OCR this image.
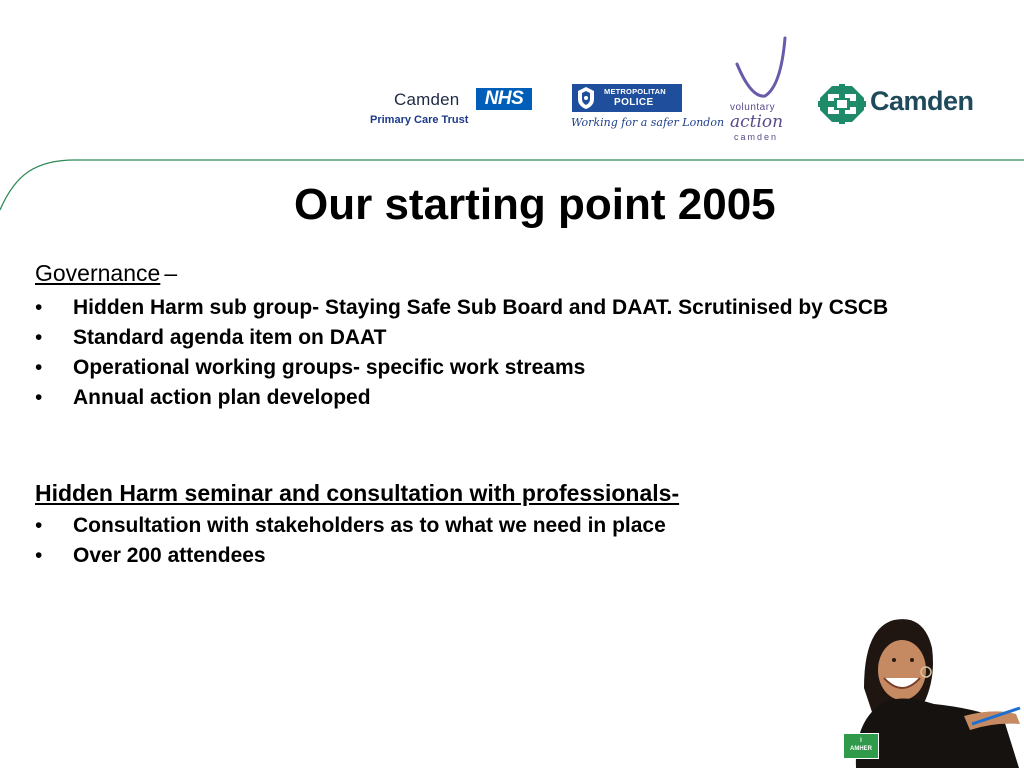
Camden	NHS
Primary Care Trust
METROPOLITAN
POLICE
Working for a safer London
voluntary
action
camden
Camden
Our starting point 2005
Governance –
• Hidden Harm sub group- Staying Safe Sub Board and DAAT. Scrutinised by CSCB
• Standard agenda item on DAAT
• Operational working groups- specific work streams
• Annual action plan developed
Hidden Harm seminar and consultation with professionals-
• Consultation with stakeholders as to what we need in place
• Over 200 attendees
I
AMHER
